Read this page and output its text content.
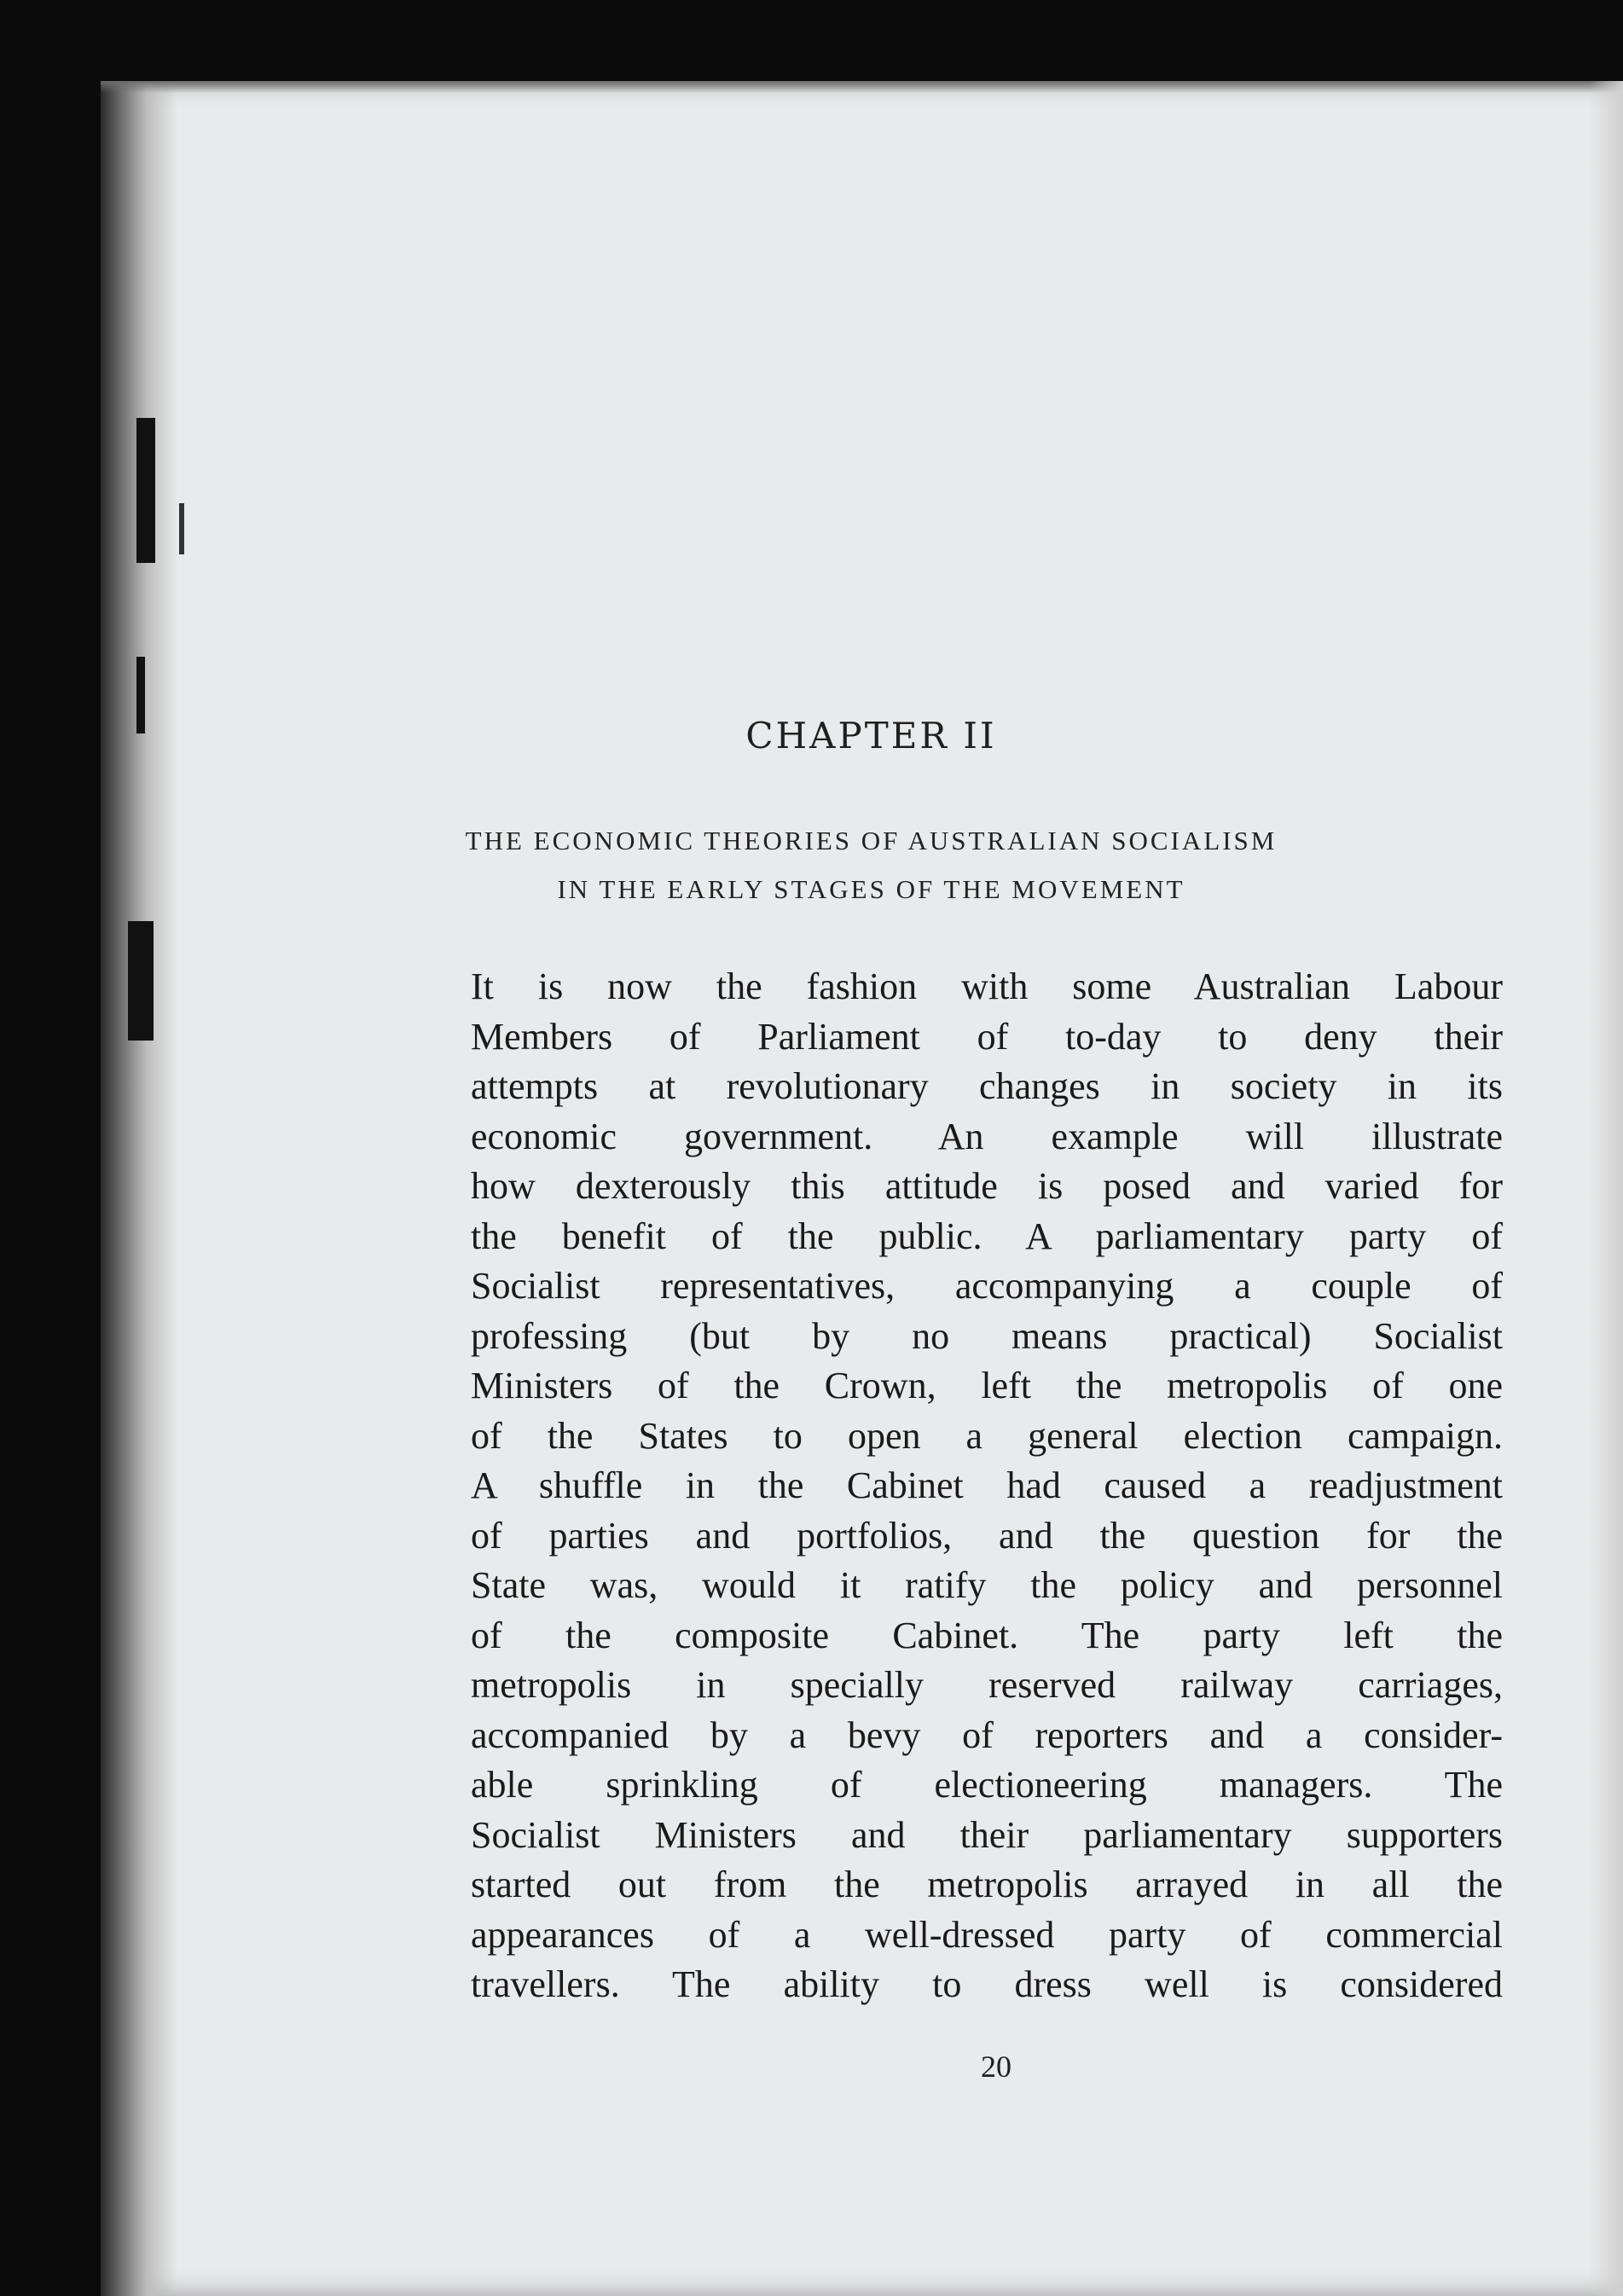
CHAPTER II
THE ECONOMIC THEORIES OF AUSTRALIAN SOCIALISM
IN THE EARLY STAGES OF THE MOVEMENT
It is now the fashion with some Australian Labour
Members of Parliament of to-day to deny their
attempts at revolutionary changes in society in its
economic government. An example will illustrate
how dexterously this attitude is posed and varied for
the benefit of the public. A parliamentary party of
Socialist representatives, accompanying a couple of
professing (but by no means practical) Socialist
Ministers of the Crown, left the metropolis of one
of the States to open a general election campaign.
A shuffle in the Cabinet had caused a readjustment
of parties and portfolios, and the question for the
State was, would it ratify the policy and personnel
of the composite Cabinet. The party left the
metropolis in specially reserved railway carriages,
accompanied by a bevy of reporters and a consider-
able sprinkling of electioneering managers. The
Socialist Ministers and their parliamentary supporters
started out from the metropolis arrayed in all the
appearances of a well-dressed party of commercial
travellers. The ability to dress well is considered
20
